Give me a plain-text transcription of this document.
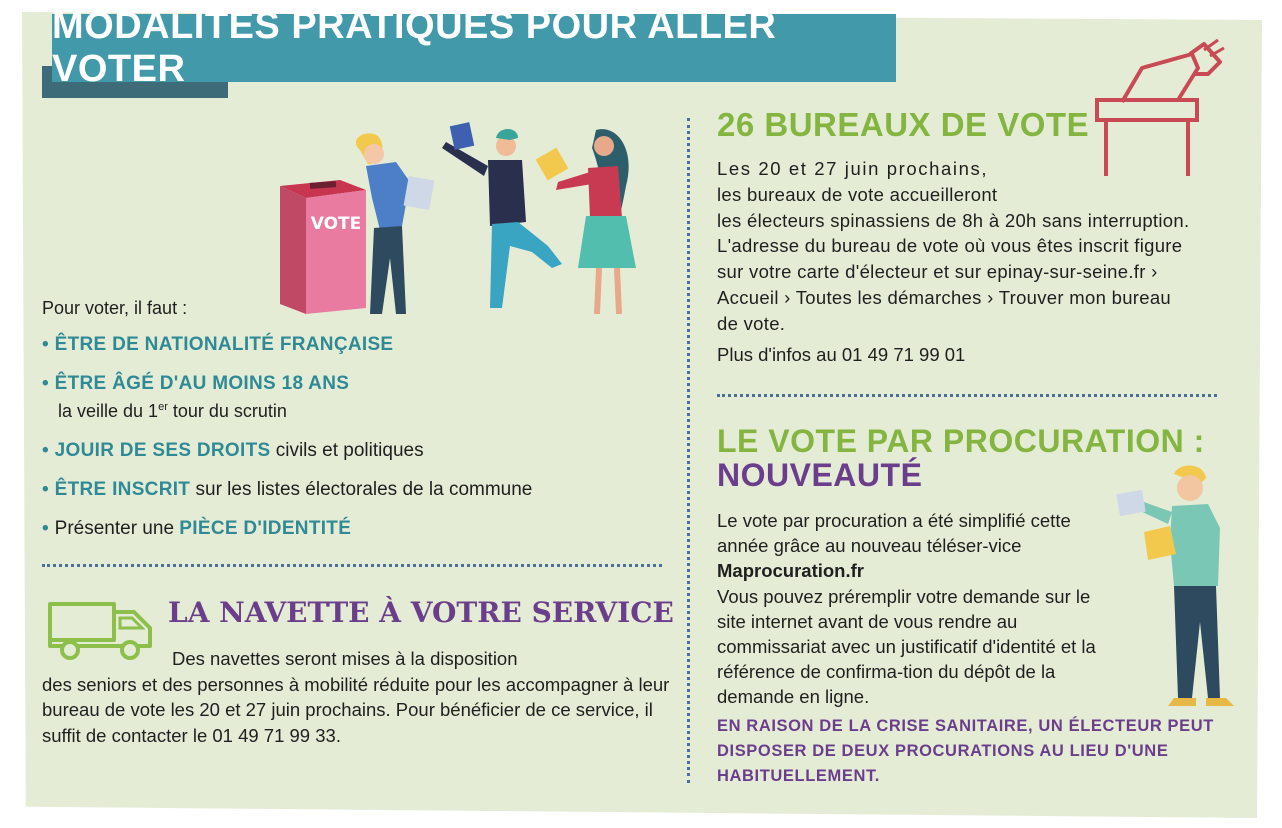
MODALITÉS PRATIQUES POUR ALLER VOTER
VOTE
Pour voter, il faut :
• ÊTRE DE NATIONALITÉ FRANÇAISE
• ÊTRE ÂGÉ D'AU MOINS 18 ANS
la veille du 1er tour du scrutin
• JOUIR DE SES DROITS civils et politiques
• ÊTRE INSCRIT sur les listes électorales de la commune
• Présenter une PIÈCE D'IDENTITÉ
LA NAVETTE À VOTRE SERVICE
Des navettes seront mises à la disposition
des seniors et des personnes à mobilité réduite pour les accompagner à leur bureau de vote les 20 et 27 juin prochains. Pour bénéficier de ce service, il suffit de contacter le 01 49 71 99 33.
26 BUREAUX DE VOTE
Les 20 et 27 juin prochains,
les bureaux de vote accueilleront
les électeurs spinassiens de 8h à 20h sans interruption. L'adresse du bureau de vote où vous êtes inscrit figure sur votre carte d'électeur et sur epinay-sur-seine.fr › Accueil › Toutes les démarches › Trouver mon bureau de vote.
Plus d'infos au 01 49 71 99 01
LE VOTE PAR PROCURATION :
NOUVEAUTÉ
Le vote par procuration a été simplifié cette année grâce au nouveau téléser-vice Maprocuration.fr
Vous pouvez préremplir votre demande sur le site internet avant de vous rendre au commissariat avec un justificatif d'identité et la référence de confirma-tion du dépôt de la demande en ligne.
EN RAISON DE LA CRISE SANITAIRE, UN ÉLECTEUR PEUT DISPOSER DE DEUX PROCURATIONS AU LIEU D'UNE HABITUELLEMENT.
